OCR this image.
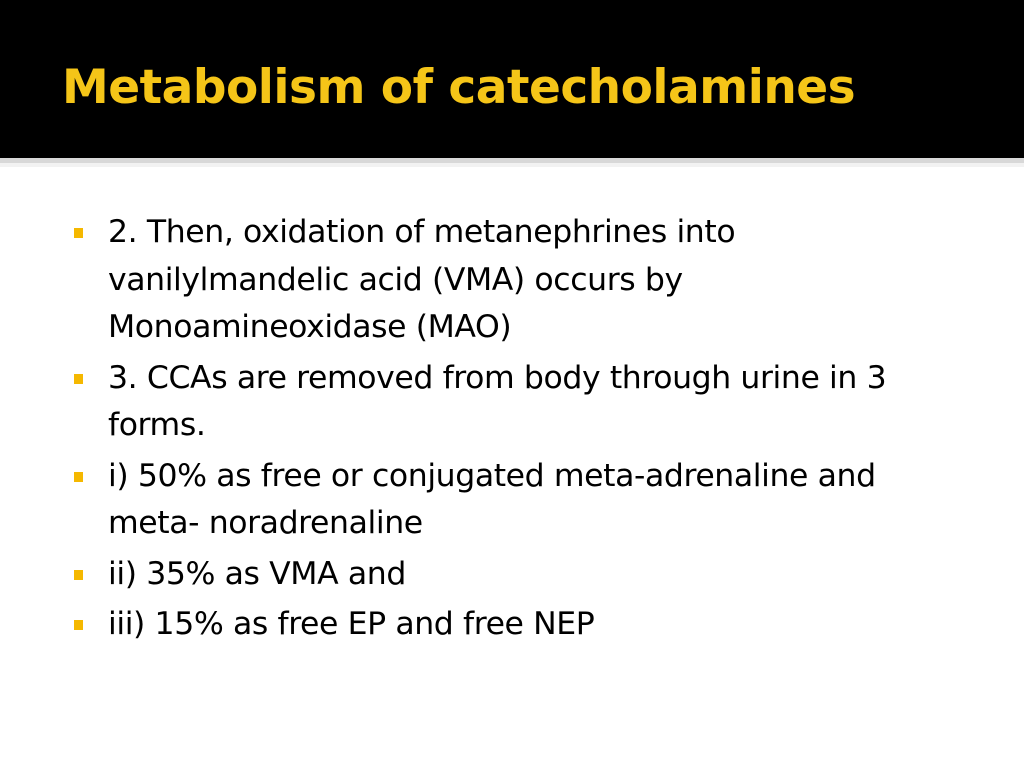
Metabolism of catecholamines
2. Then, oxidation of metanephrines into vanilylmandelic acid (VMA) occurs by Monoamineoxidase (MAO)
3. CCAs are removed from body through urine in 3 forms.
i) 50% as free or conjugated meta-adrenaline and meta- noradrenaline
ii) 35% as VMA and
iii) 15% as free EP and free NEP
